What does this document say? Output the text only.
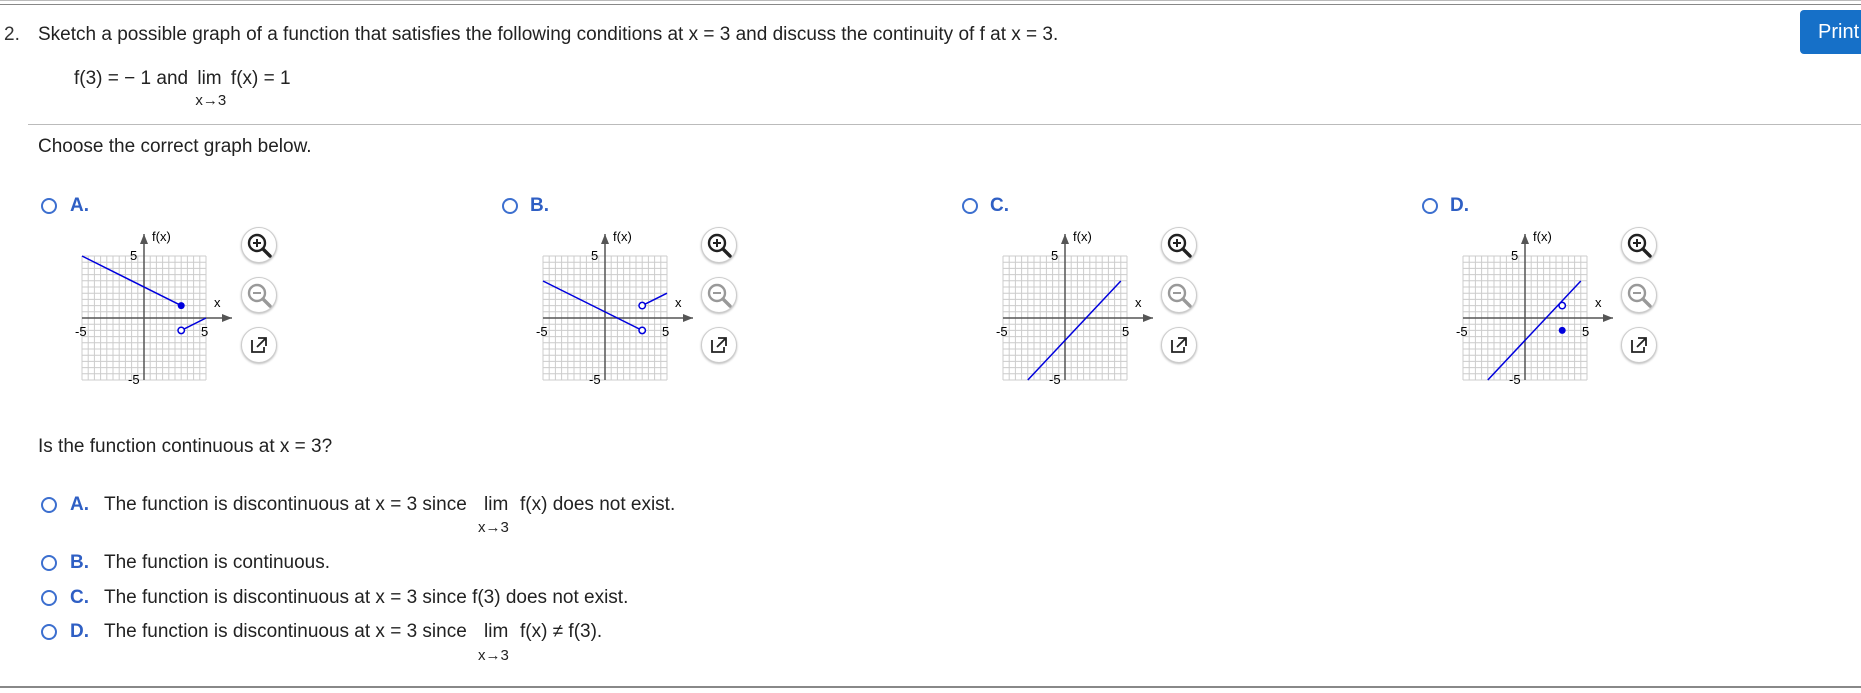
2. Sketch a possible graph of a function that satisfies the following conditions at x = 3 and discuss the continuity of f at x = 3.
f(3) = − 1 and lim
x→3
f(x) = 1
Print
Choose the correct graph below.
A.
f(x)
x
5
-5
-5	5
B.
f(x)
x
5
-5
-5	5
C.
f(x)
x
5
-5
-5	5
D.
f(x)
x
5
-5
-5	5
Is the function continuous at x = 3?
A. The function is discontinuous at x = 3 since lim
x→3
f(x) does not exist.
B. The function is continuous.
C. The function is discontinuous at x = 3 since f(3) does not exist.
D. The function is discontinuous at x = 3 since lim
x→3
f(x) ≠ f(3).
